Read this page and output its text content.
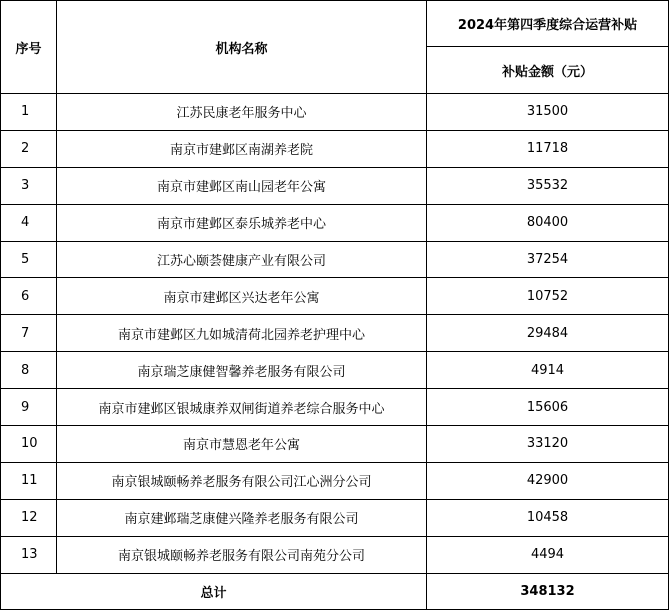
序号	机构名称	2024年第四季度综合运营补贴
		补贴金额（元）
1	江苏民康老年服务中心	31500
2	南京市建邺区南湖养老院	11718
3	南京市建邺区南山园老年公寓	35532
4	南京市建邺区泰乐城养老中心	80400
5	江苏心颐荟健康产业有限公司	37254
6	南京市建邺区兴达老年公寓	10752
7	南京市建邺区九如城清荷北园养老护理中心	29484
8	南京瑞芝康健智馨养老服务有限公司	4914
9	南京市建邺区银城康养双闸街道养老综合服务中心	15606
10	南京市慧恩老年公寓	33120
11	南京银城颐畅养老服务有限公司江心洲分公司	42900
12	南京建邺瑞芝康健兴隆养老服务有限公司	10458
13	南京银城颐畅养老服务有限公司南苑分公司	4494
总计		348132
